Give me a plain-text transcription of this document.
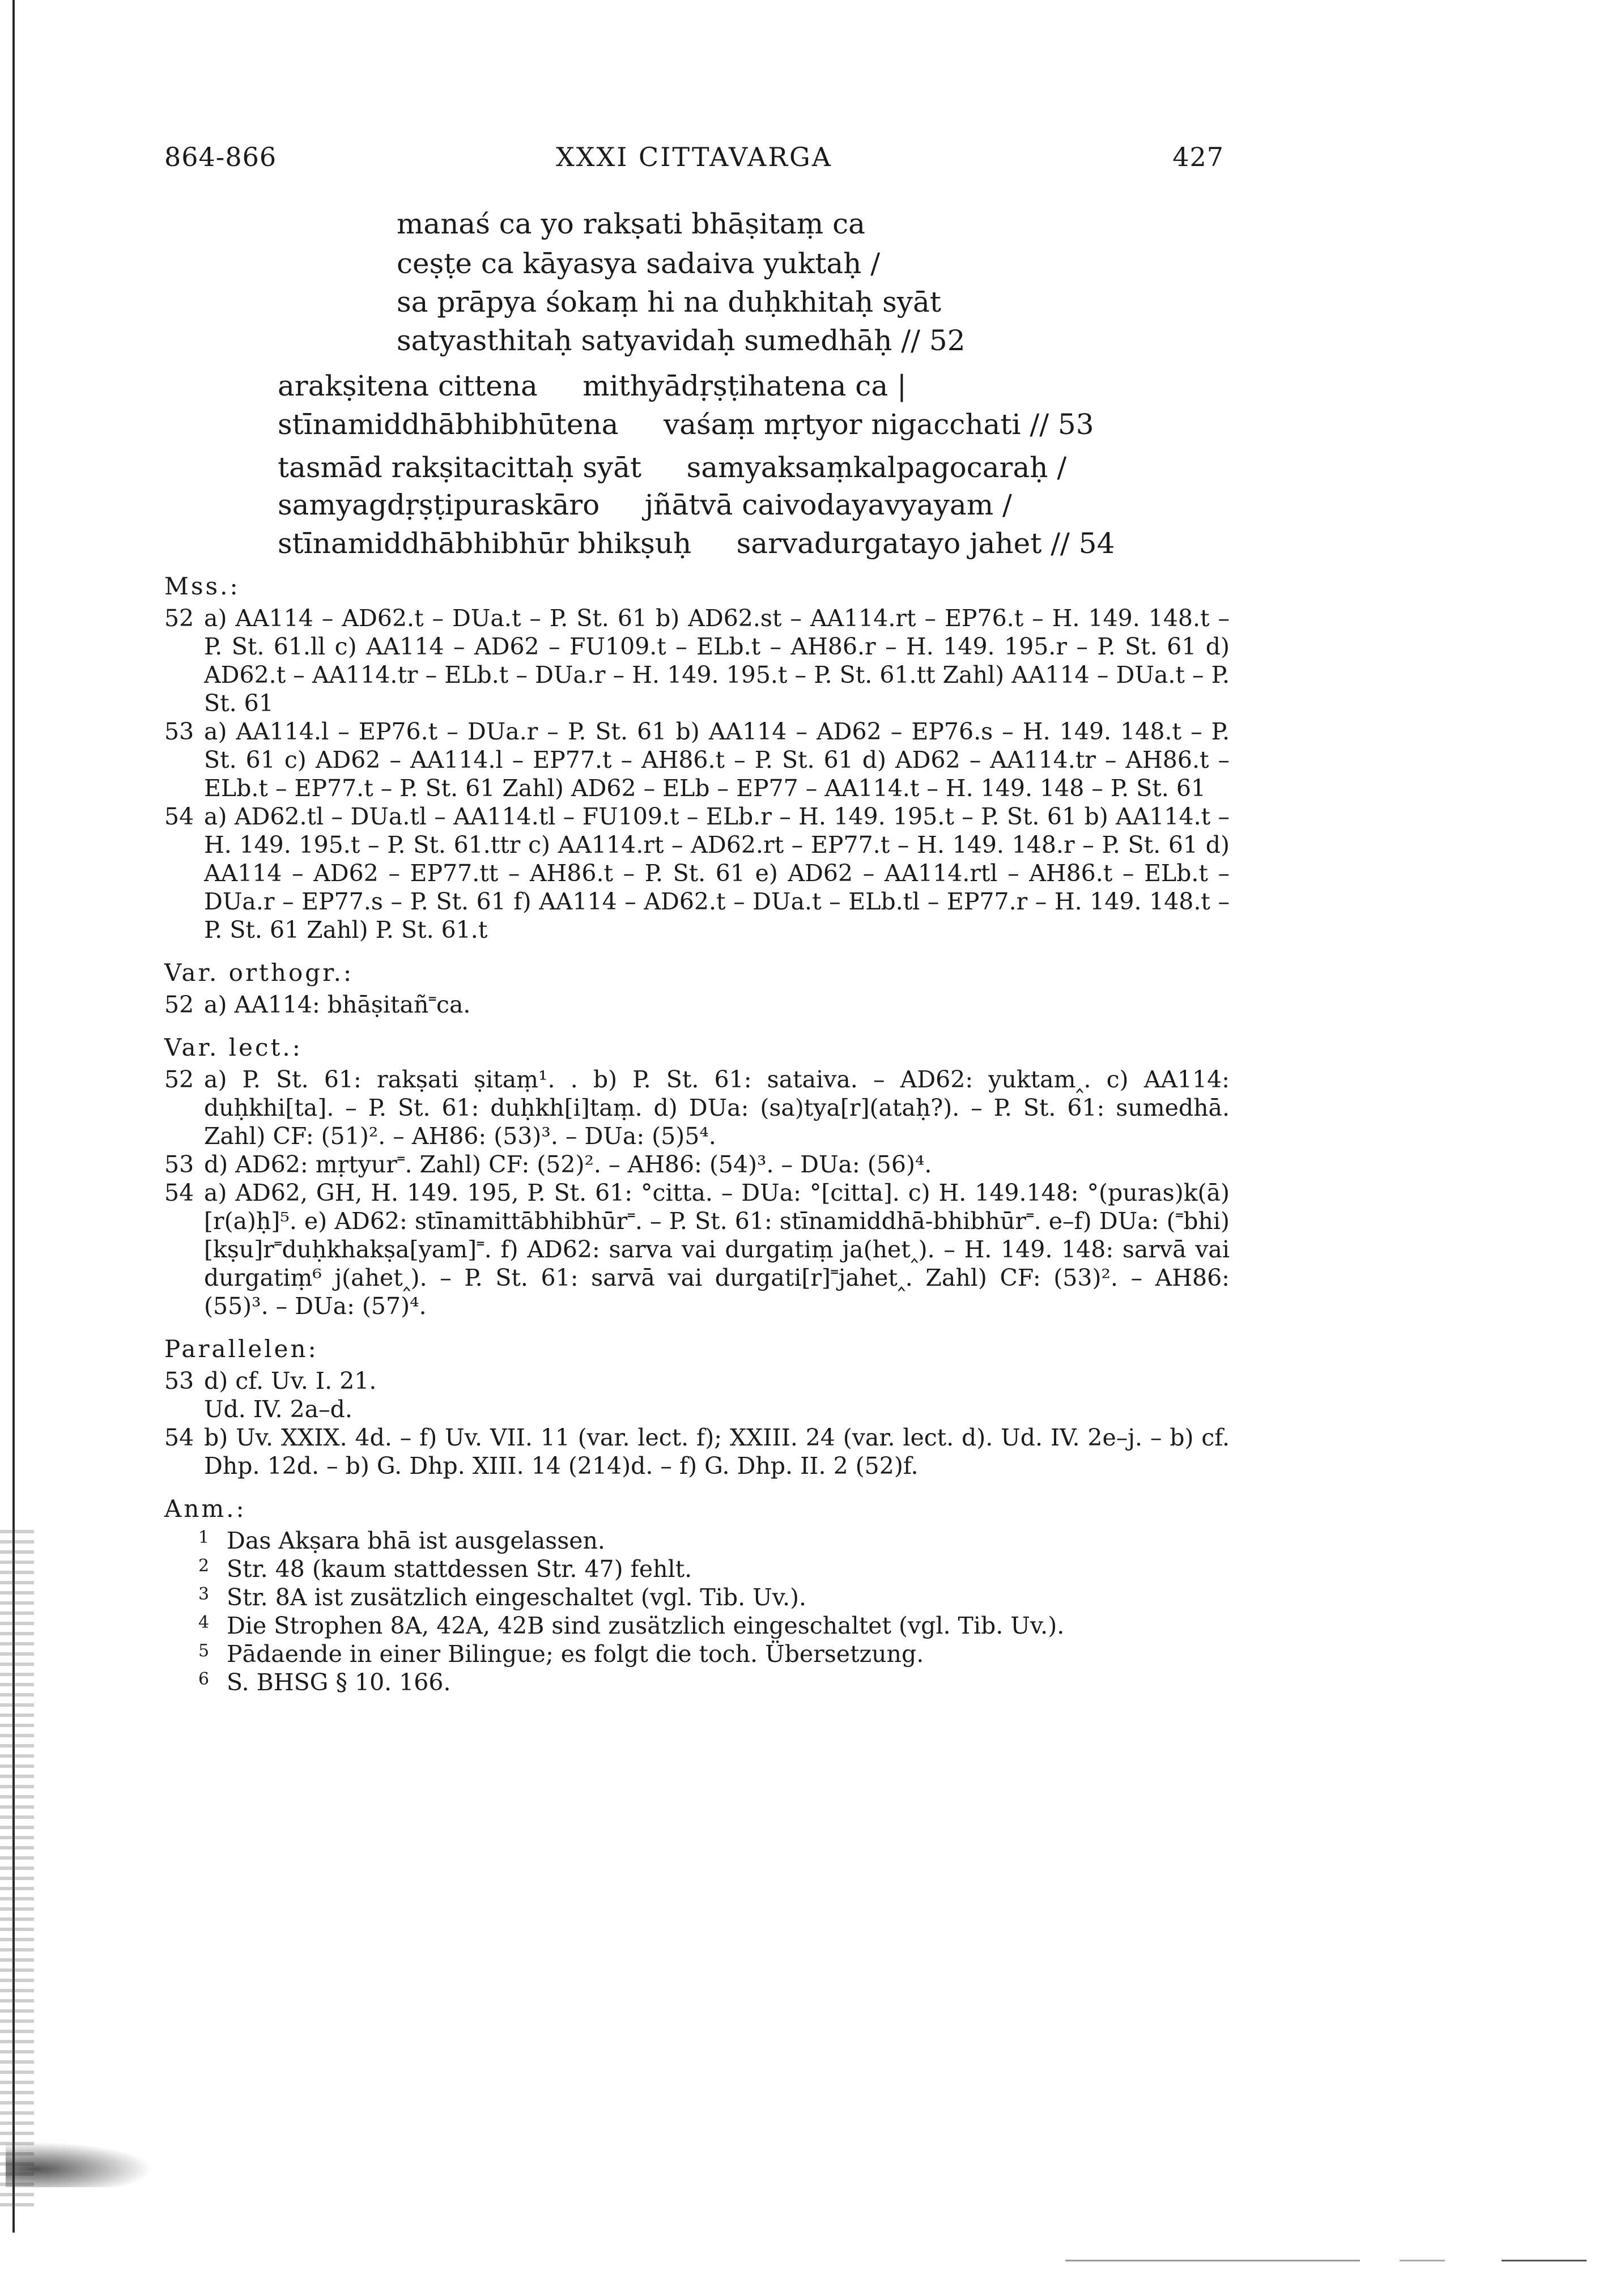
864-866	XXXI CITTAVARGA	427
manaś ca yo rakṣati bhāṣitaṃ ca
ceṣṭe ca kāyasya sadaiva yuktaḥ /
sa prāpya śokaṃ hi na duḥkhitaḥ syāt
satyasthitaḥ satyavidaḥ sumedhāḥ // 52
arakṣitena cittena     mithyādṛṣṭihatena ca |
stīnamiddhābhibhūtena     vaśaṃ mṛtyor nigacchati // 53
tasmād rakṣitacittaḥ syāt     samyaksaṃkalpagocaraḥ /
samyagdṛṣṭipuraskāro     jñātvā caivodayavyayam /
stīnamiddhābhibhūr bhikṣuḥ     sarvadurgatayo jahet // 54
Mss.:
52 a) AA114 – AD62.t – DUa.t – P. St. 61 b) AD62.st – AA114.rt – EP76.t – H. 149. 148.t – P. St. 61.ll c) AA114 – AD62 – FU109.t – ELb.t – AH86.r – H. 149. 195.r – P. St. 61 d) AD62.t – AA114.tr – ELb.t – DUa.r – H. 149. 195.t – P. St. 61.tt Zahl) AA114 – DUa.t – P. St. 61
53 a) AA114.l – EP76.t – DUa.r – P. St. 61 b) AA114 – AD62 – EP76.s – H. 149. 148.t – P. St. 61 c) AD62 – AA114.l – EP77.t – AH86.t – P. St. 61 d) AD62 – AA114.tr – AH86.t – ELb.t – EP77.t – P. St. 61 Zahl) AD62 – ELb – EP77 – AA114.t – H. 149. 148 – P. St. 61
54 a) AD62.tl – DUa.tl – AA114.tl – FU109.t – ELb.r – H. 149. 195.t – P. St. 61 b) AA114.t – H. 149. 195.t – P. St. 61.ttr c) AA114.rt – AD62.rt – EP77.t – H. 149. 148.r – P. St. 61 d) AA114 – AD62 – EP77.tt – AH86.t – P. St. 61 e) AD62 – AA114.rtl – AH86.t – ELb.t – DUa.r – EP77.s – P. St. 61 f) AA114 – AD62.t – DUa.t – ELb.tl – EP77.r – H. 149. 148.t – P. St. 61 Zahl) P. St. 61.t
Var. orthogr.:
52 a) AA114: bhāṣitañ˭ca.
Var. lect.:
52 a) P. St. 61: rakṣati ṣitaṃ¹. . b) P. St. 61: sataiva. – AD62: yuktam‸. c) AA114: duḥkhi[ta]. – P. St. 61: duḥkh[i]taṃ. d) DUa: (sa)tya[r](ataḥ?). – P. St. 61: sumedhā. Zahl) CF: (51)². – AH86: (53)³. – DUa: (5)5⁴.
53 d) AD62: mṛtyur˭. Zahl) CF: (52)². – AH86: (54)³. – DUa: (56)⁴.
54 a) AD62, GH, H. 149. 195, P. St. 61: °citta. – DUa: °[citta]. c) H. 149.148: °(puras)k(ā)[r(a)ḥ]⁵. e) AD62: stīnamittābhibhūr˭. – P. St. 61: stīnamiddhā-bhibhūr˭. e–f) DUa: (˭bhi)[kṣu]r˭duḥkhakṣa[yam]˭. f) AD62: sarva vai durgatiṃ ja(het‸). – H. 149. 148: sarvā vai durgatiṃ⁶ j(ahet‸). – P. St. 61: sarvā vai durgati[r]˭jahet‸. Zahl) CF: (53)². – AH86: (55)³. – DUa: (57)⁴.
Parallelen:
53 d) cf. Uv. I. 21.
Ud. IV. 2a–d.
54 b) Uv. XXIX. 4d. – f) Uv. VII. 11 (var. lect. f); XXIII. 24 (var. lect. d). Ud. IV. 2e–j. – b) cf. Dhp. 12d. – b) G. Dhp. XIII. 14 (214)d. – f) G. Dhp. II. 2 (52)f.
Anm.:
1 Das Akṣara bhā ist ausgelassen.
2 Str. 48 (kaum stattdessen Str. 47) fehlt.
3 Str. 8A ist zusätzlich eingeschaltet (vgl. Tib. Uv.).
4 Die Strophen 8A, 42A, 42B sind zusätzlich eingeschaltet (vgl. Tib. Uv.).
5 Pādaende in einer Bilingue; es folgt die toch. Übersetzung.
6 S. BHSG § 10. 166.
